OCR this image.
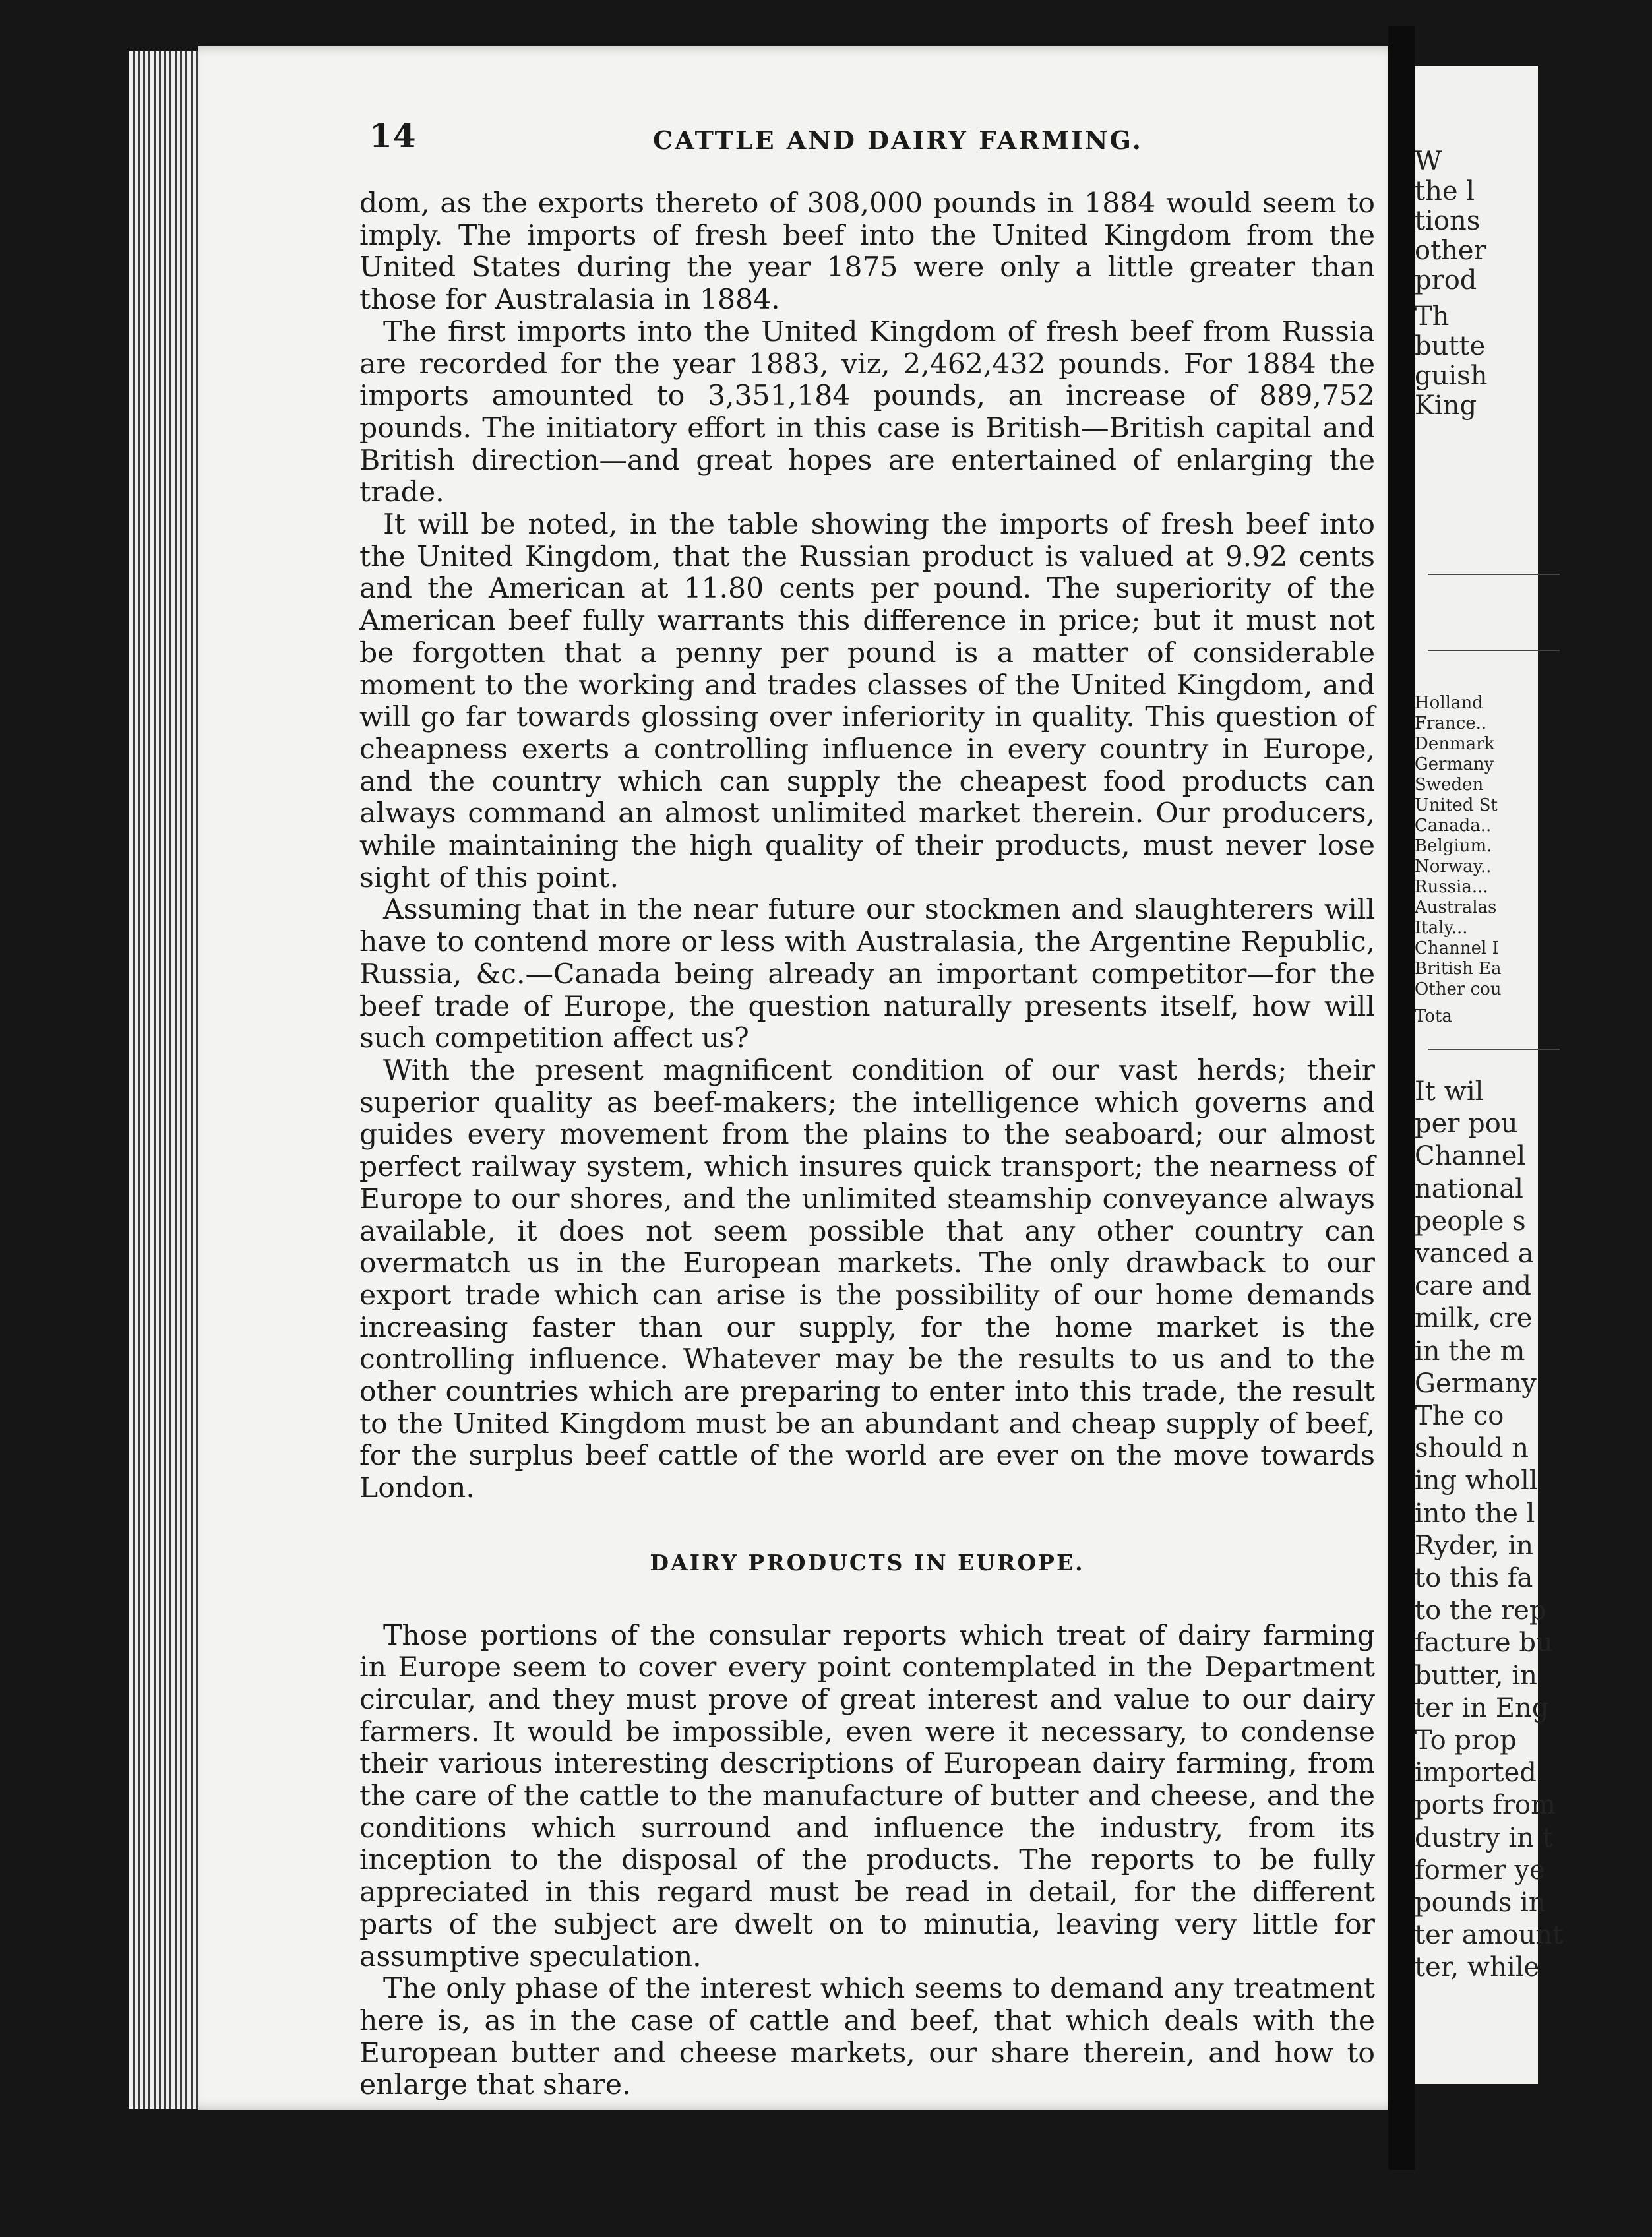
W
the l
tions
other
prod
Th
butte
guish
King
Holland
France..
Denmark
Germany
Sweden
United St
Canada..
Belgium.
Norway..
Russia...
Australas
Italy...
Channel I
British Ea
Other cou
Tota
It wil
per pou
Channel
national
people s
vanced a
care and
milk, cre
in the m
Germany
The co
should n
ing wholl
into the l
Ryder, in
to this fa
to the rep
facture bu
butter, in
ter in Eng
To prop
imported
ports from
dustry in t
former ye
pounds in
ter amount
ter, while
14	CATTLE AND DAIRY FARMING.

dom, as the exports thereto of 308,000 pounds in 1884 would seem to imply. The imports of fresh beef into the United Kingdom from the United States during the year 1875 were only a little greater than those for Australasia in 1884.

The first imports into the United Kingdom of fresh beef from Russia are recorded for the year 1883, viz, 2,462,432 pounds. For 1884 the imports amounted to 3,351,184 pounds, an increase of 889,752 pounds. The initiatory effort in this case is British—British capital and British direction—and great hopes are entertained of enlarging the trade.

It will be noted, in the table showing the imports of fresh beef into the United Kingdom, that the Russian product is valued at 9.92 cents and the American at 11.80 cents per pound. The superiority of the American beef fully warrants this difference in price; but it must not be forgotten that a penny per pound is a matter of considerable moment to the working and trades classes of the United Kingdom, and will go far towards glossing over inferiority in quality. This question of cheapness exerts a controlling influence in every country in Europe, and the country which can supply the cheapest food products can always command an almost unlimited market therein. Our producers, while maintaining the high quality of their products, must never lose sight of this point.

Assuming that in the near future our stockmen and slaughterers will have to contend more or less with Australasia, the Argentine Republic, Russia, &c.—Canada being already an important competitor—for the beef trade of Europe, the question naturally presents itself, how will such competition affect us?

With the present magnificent condition of our vast herds; their superior quality as beef-makers; the intelligence which governs and guides every movement from the plains to the seaboard; our almost perfect railway system, which insures quick transport; the nearness of Europe to our shores, and the unlimited steamship conveyance always available, it does not seem possible that any other country can overmatch us in the European markets. The only drawback to our export trade which can arise is the possibility of our home demands increasing faster than our supply, for the home market is the controlling influence. Whatever may be the results to us and to the other countries which are preparing to enter into this trade, the result to the United Kingdom must be an abundant and cheap supply of beef, for the surplus beef cattle of the world are ever on the move towards London.

DAIRY PRODUCTS IN EUROPE.

Those portions of the consular reports which treat of dairy farming in Europe seem to cover every point contemplated in the Department circular, and they must prove of great interest and value to our dairy farmers. It would be impossible, even were it necessary, to condense their various interesting descriptions of European dairy farming, from the care of the cattle to the manufacture of butter and cheese, and the conditions which surround and influence the industry, from its inception to the disposal of the products. The reports to be fully appreciated in this regard must be read in detail, for the different parts of the subject are dwelt on to minutia, leaving very little for assumptive speculation.

The only phase of the interest which seems to demand any treatment here is, as in the case of cattle and beef, that which deals with the European butter and cheese markets, our share therein, and how to enlarge that share.
